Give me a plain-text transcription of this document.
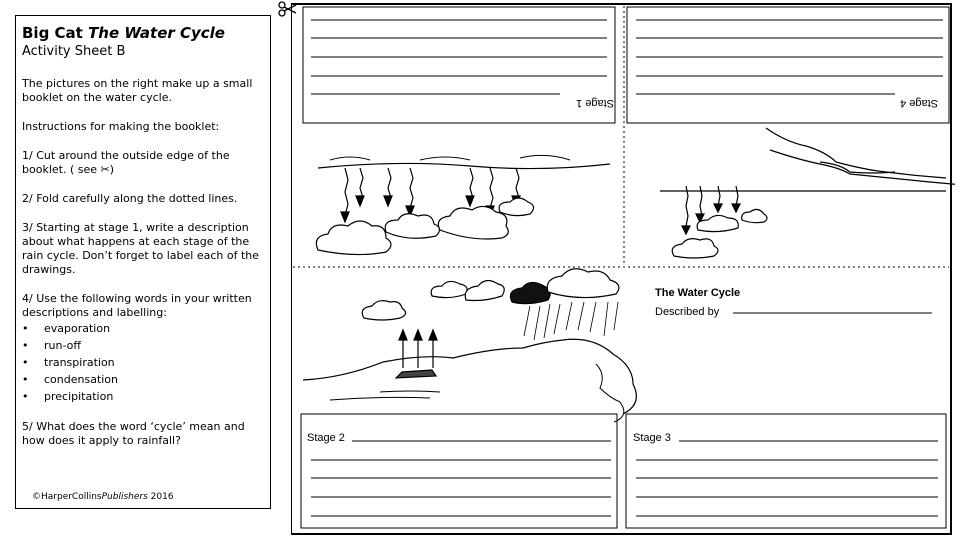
Big Cat The Water Cycle
Activity Sheet B
The pictures on the right make up a small booklet on the water cycle.
Instructions for making the booklet:
1/ Cut around the outside edge of the booklet. ( see ✂)
2/ Fold carefully along the dotted lines.
3/ Starting at stage 1, write a description about what happens at each stage of the rain cycle. Don’t forget to label each of the drawings.
4/ Use the following words in your written descriptions and labelling:
• evaporation
• run-off
• transpiration
• condensation
• precipitation
5/ What does the word ‘cycle’ mean and how does it apply to rainfall?
©HarperCollinsPublishers 2016
Stage 1	Stage 4
The Water Cycle
Described by
Stage 2	Stage 3
